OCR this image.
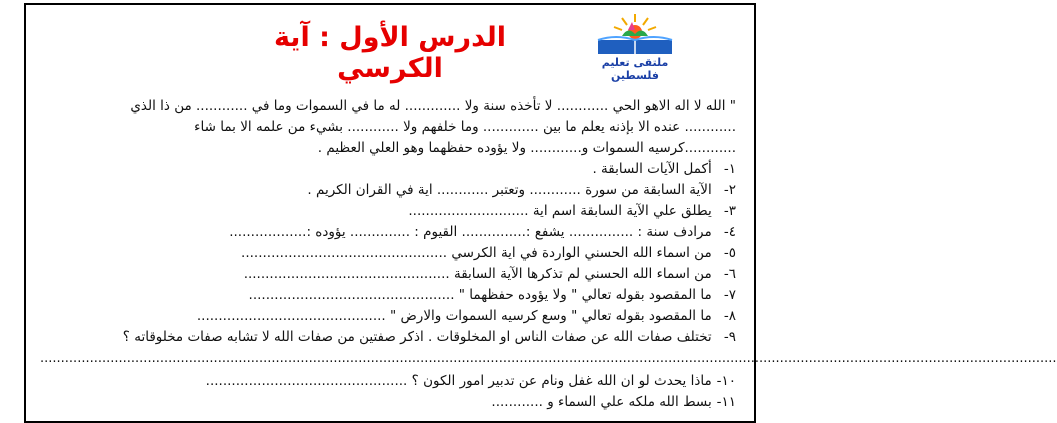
ملتقى تعليم فلسطين
الدرس الأول : آية الكرسي
" الله لا اله الاهو الحي ............ لا تأخذه سنة ولا ............. له ما في السموات وما في ............ من ذا الذي
............ عنده الا بإذنه يعلم ما بين ............. وما خلفهم ولا ............ بشيء من علمه الا بما شاء
............كرسيه السموات و............ ولا يؤوده حفظهما وهو العلي العظيم .
١- أكمل الآيات السابقة .
٢- الآية السابقة من سورة ............ وتعتبر ............ اية في القران الكريم .
٣- يطلق علي الآية السابقة اسم اية ............................
٤- مرادف سنة : ............... يشفع :............... القيوم : .............. يؤوده :..................
٥- من اسماء الله الحسني الواردة في اية الكرسي ................................................
٦- من اسماء الله الحسني لم تذكرها الآية السابقة ................................................
٧- ما المقصود بقوله تعالي " ولا يؤوده حفظهما " ................................................
٨- ما المقصود بقوله تعالي " وسع كرسيه السموات والارض " ............................................
٩- تختلف صفات الله عن صفات الناس او المخلوقات . اذكر صفتين من صفات الله لا تشابه صفات مخلوقاته ؟
......................................................................................................................................................................................................................................................
١٠- ماذا يحدث لو ان الله غفل ونام عن تدبير امور الكون ؟ ...............................................
١١- بسط الله ملكه علي السماء و ............
